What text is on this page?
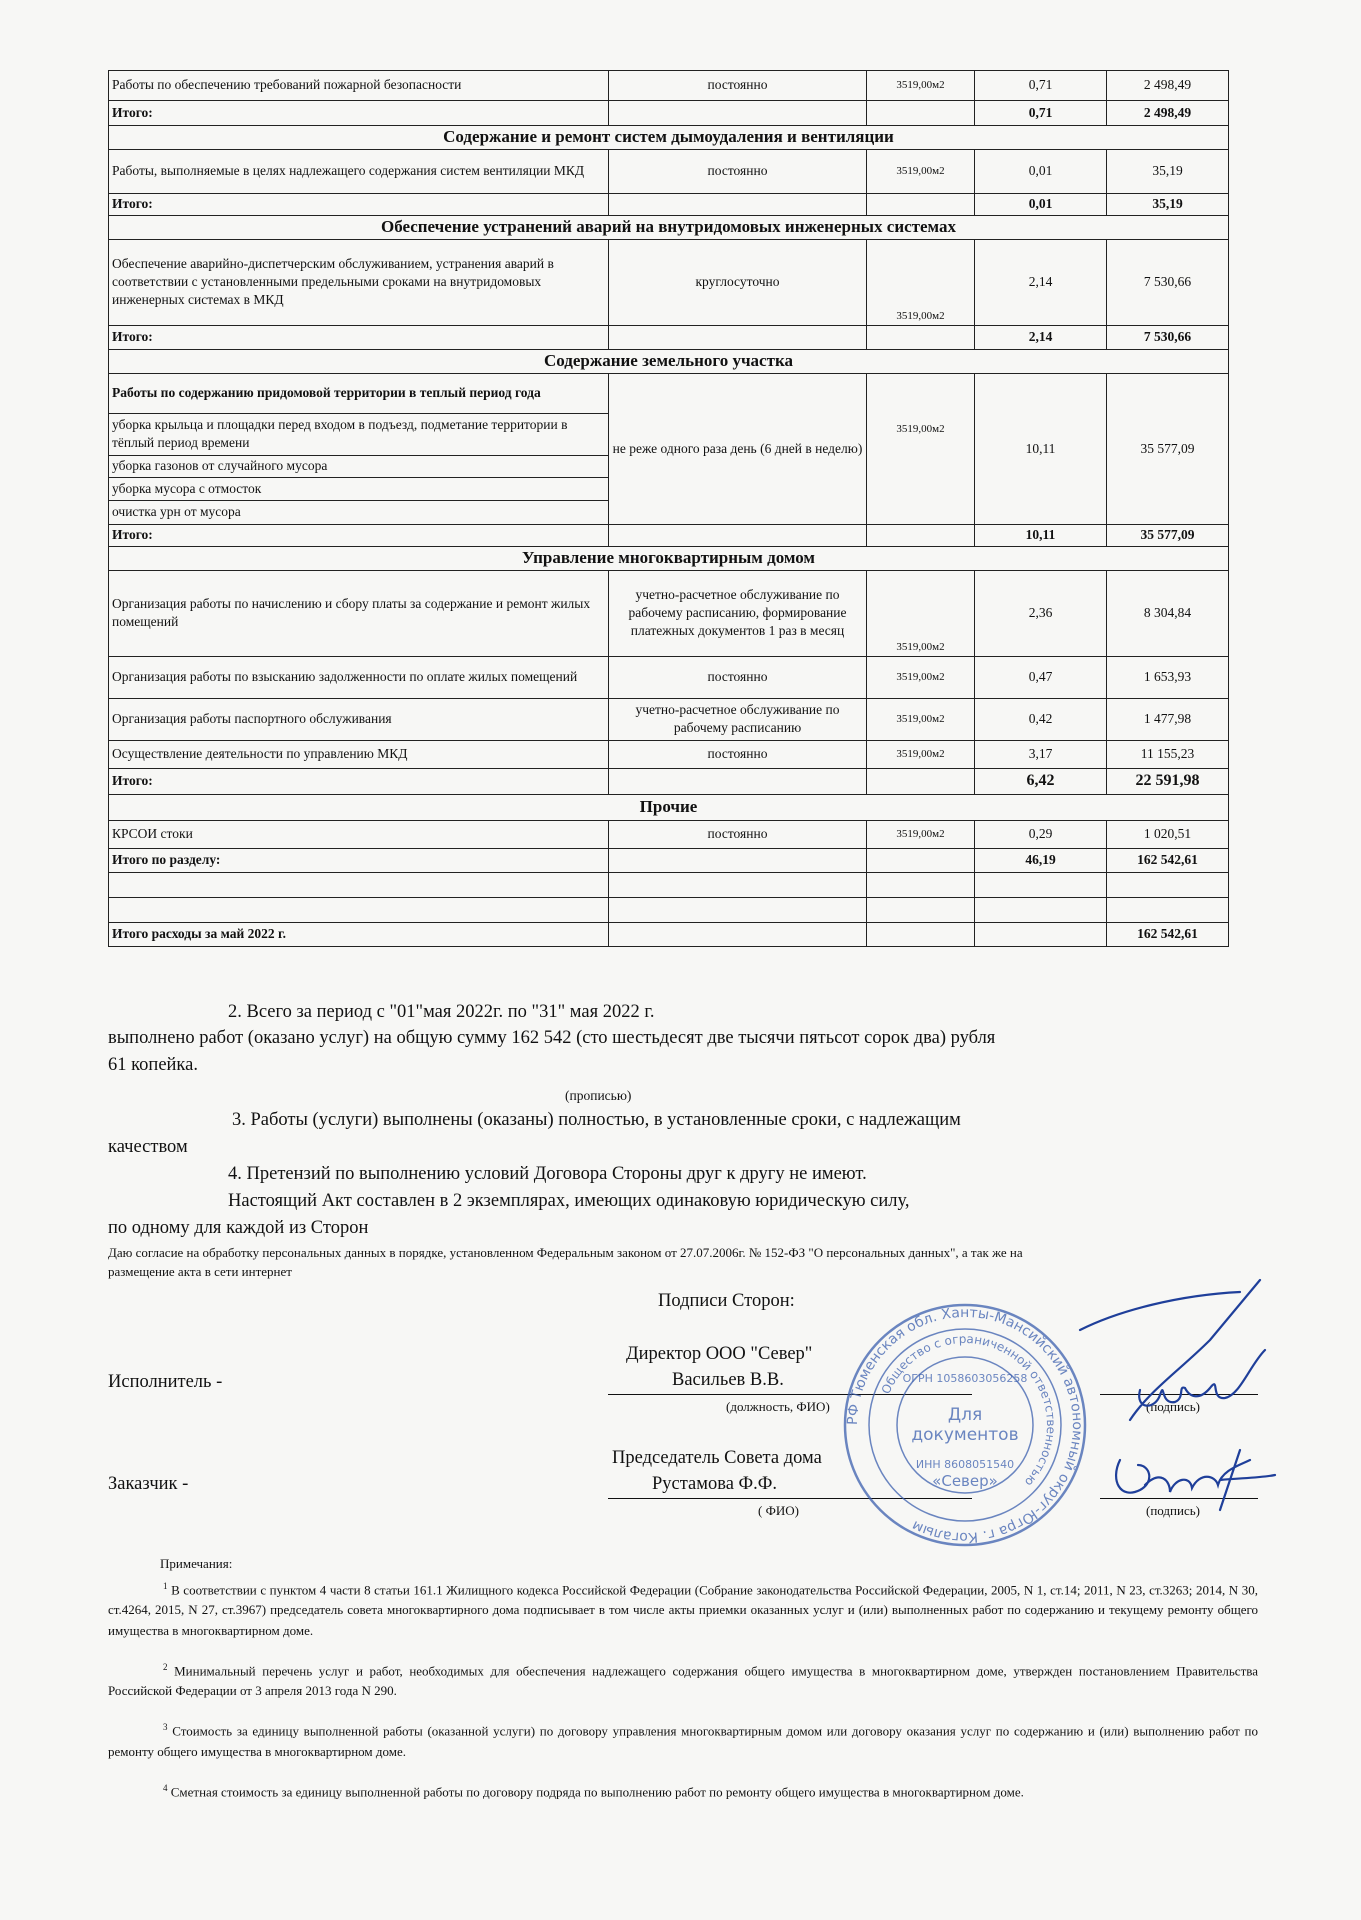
Работы по обеспечению требований пожарной безопасности	постоянно	3519,00м2	0,71	2 498,49
Итого:			0,71	2 498,49
Содержание и ремонт систем дымоудаления и вентиляции				
Работы, выполняемые в целях надлежащего содержания систем вентиляции МКД	постоянно	3519,00м2	0,01	35,19
Итого:			0,01	35,19
Обеспечение устранений аварий на внутридомовых инженерных системах				
Обеспечение аварийно-диспетчерским обслуживанием, устранения аварий в соответствии с установленными предельными сроками на внутридомовых инженерных системах в МКД	круглосуточно	3519,00м2	2,14	7 530,66
Итого:			2,14	7 530,66
Содержание земельного участка				
Работы по содержанию придомовой территории в теплый период года	не реже одного раза день (6 дней в неделю)	3519,00м2	10,11	35 577,09
уборка крыльца и площадки перед входом в подъезд, подметание территории в тёплый период времени				
уборка газонов от случайного мусора				
уборка мусора с отмосток				
очистка урн от мусора				
Итого:			10,11	35 577,09
Управление многоквартирным домом				
Организация работы по начислению и сбору платы за содержание и ремонт жилых помещений	учетно-расчетное обслуживание по рабочему расписанию, формирование платежных документов 1 раз в месяц	3519,00м2	2,36	8 304,84
Организация работы по взысканию задолженности по оплате жилых помещений	постоянно	3519,00м2	0,47	1 653,93
Организация работы паспортного обслуживания	учетно-расчетное обслуживание по рабочему расписанию	3519,00м2	0,42	1 477,98
Осуществление деятельности по управлению МКД	постоянно	3519,00м2	3,17	11 155,23
Итого:			6,42	22 591,98
Прочие				
КРСОИ стоки	постоянно	3519,00м2	0,29	1 020,51
Итого по разделу:			46,19	162 542,61

Итого расходы за май 2022 г.				162 542,61
2. Всего за период с "01"мая 2022г. по "31" мая 2022 г.
выполнено работ (оказано услуг) на общую сумму 162 542 (сто шестьдесят две тысячи пятьсот сорок два) рубля
61 копейка.
(прописью)
3. Работы (услуги) выполнены (оказаны) полностью, в установленные сроки, с надлежащим
качеством
4. Претензий по выполнению условий Договора Стороны друг к другу не имеют.
Настоящий Акт составлен в 2 экземплярах, имеющих одинаковую юридическую силу,
по одному для каждой из Сторон
Даю согласие на обработку персональных данных в порядке, установленном Федеральным законом от 27.07.2006г. № 152-ФЗ "О персональных данных", а так же на
размещение акта в сети интернет
Подписи Сторон:
Исполнитель -
Директор ООО "Север"
Васильев В.В.
(должность, ФИО)	(подпись)
Заказчик -
Председатель Совета дома
Рустамова Ф.Ф.
( ФИО)	(подпись)
РФ Тюменская обл. Ханты-Мансийский автономный округ-Югра г. Когалым
Общество с ограниченной ответственностью
ОГРН 1058603056258
Для
документов
ИНН 8608051540
«Север»
Примечания:

$^1$ В соответствии с пунктом 4 части 8 статьи 161.1 Жилищного кодекса Российской Федерации (Собрание законодательства Российской Федерации, 2005, N 1, ст.14; 2011, N 23, ст.3263; 2014, N 30, ст.4264, 2015, N 27, ст.3967) председатель совета многоквартирного дома подписывает в том числе акты приемки оказанных услуг и (или) выполненных работ по содержанию и текущему ремонту общего имущества в многоквартирном доме.

$^2$ Минимальный перечень услуг и работ, необходимых для обеспечения надлежащего содержания общего имущества в многоквартирном доме, утвержден постановлением Правительства Российской Федерации от 3 апреля 2013 года N 290.

$^3$ Стоимость за единицу выполненной работы (оказанной услуги) по договору управления многоквартирным домом или договору оказания услуг по содержанию и (или) выполнению работ по ремонту общего имущества в многоквартирном доме.

$^4$ Сметная стоимость за единицу выполненной работы по договору подряда по выполнению работ по ремонту общего имущества в многоквартирном доме.
